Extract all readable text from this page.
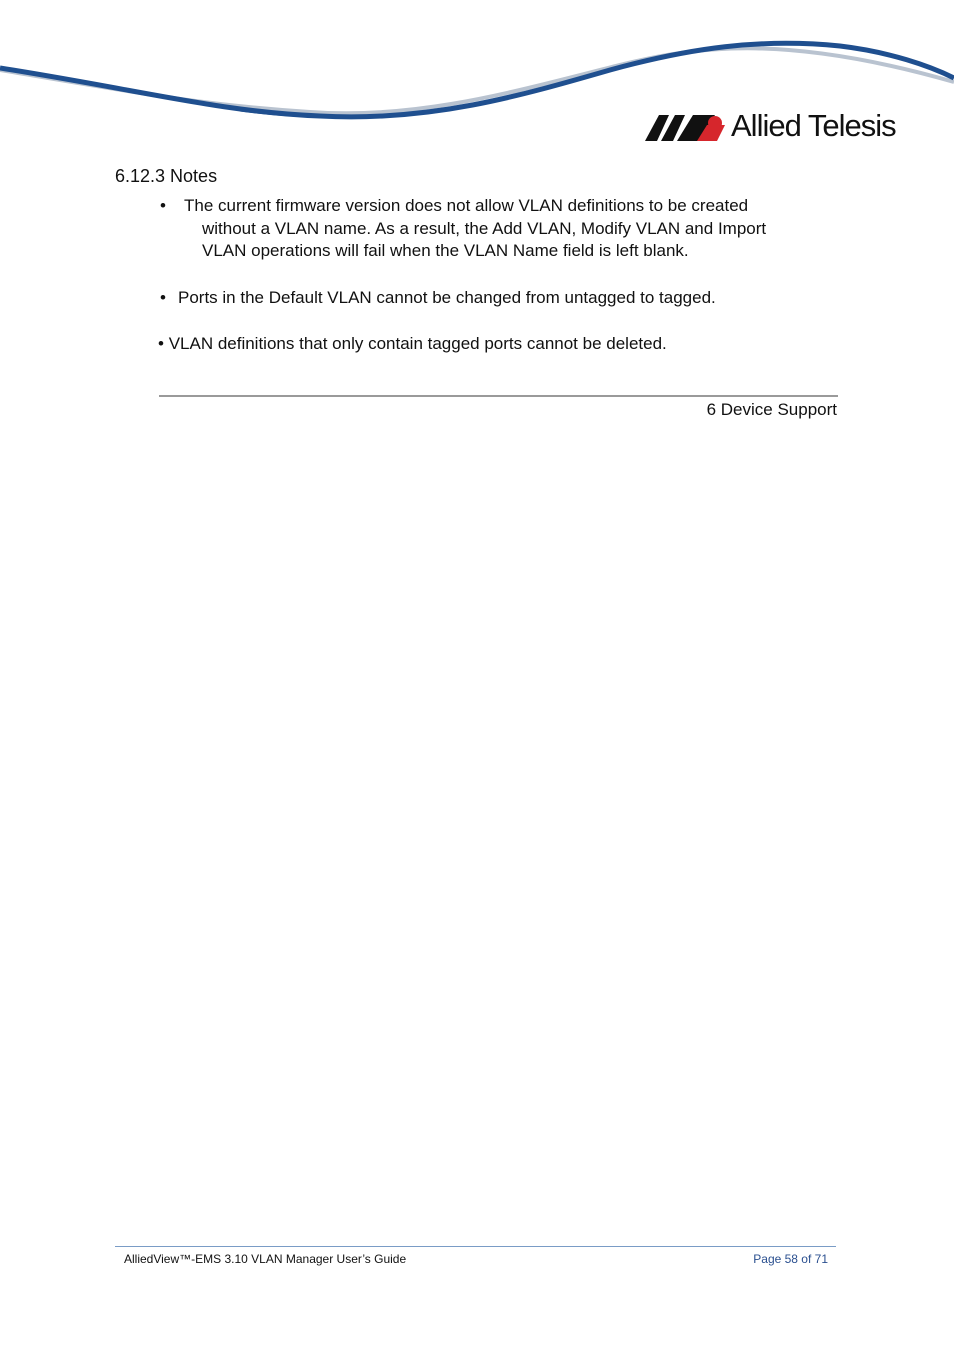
Allied Telesis
6.12.3 Notes
• The current firmware version does not allow VLAN definitions to be created
without a VLAN name. As a result, the Add VLAN, Modify VLAN and Import
VLAN operations will fail when the VLAN Name field is left blank.
• Ports in the Default VLAN cannot be changed from untagged to tagged.
• VLAN definitions that only contain tagged ports cannot be deleted.
6 Device Support
AlliedView™-EMS 3.10 VLAN Manager User’s Guide	Page 58 of 71
